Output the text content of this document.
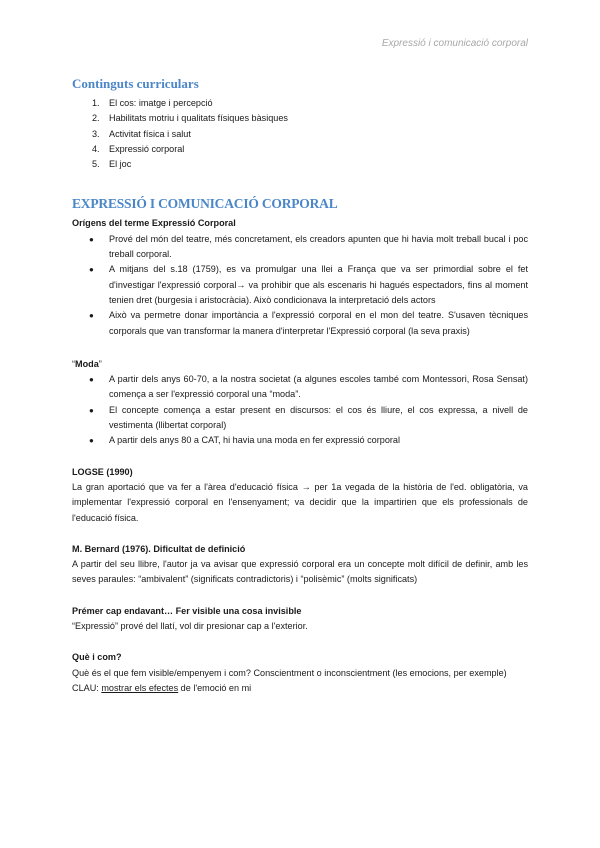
Expressió i comunicació corporal
Continguts curriculars
1.	El cos: imatge i percepció
2.	Habilitats motriu i qualitats físiques bàsiques
3.	Activitat física i salut
4.	Expressió corporal
5.	El joc
EXPRESSIÓ I COMUNICACIÓ CORPORAL

Orígens del terme Expressió Corporal

●	Prové del món del teatre, més concretament, els creadors apunten que hi havia molt treball bucal i poc treball corporal.
●	A mitjans del s.18 (1759), es va promulgar una llei a França que va ser primordial sobre el fet d'investigar l'expressió corporal→ va prohibir que als escenaris hi hagués espectadors, fins al moment tenien dret (burgesia i aristocràcia). Això condicionava la interpretació dels actors
●	Això va permetre donar importància a l'expressió corporal en el mon del teatre. S'usaven tècniques corporals que van transformar la manera d'interpretar l'Expressió corporal (la seva praxis)

“Moda”

●	A partir dels anys 60-70, a la nostra societat (a algunes escoles també com Montessori, Rosa Sensat) comença a ser l'expressió corporal una “moda”.
●	El concepte comença a estar present en discursos: el cos és lliure, el cos expressa, a nivell de vestimenta (llibertat corporal)
●	A partir dels anys 80 a CAT, hi havia una moda en fer expressió corporal

LOGSE (1990)

La gran aportació que va fer a l'àrea d'educació física → per 1a vegada de la història de l'ed. obligatòria, va implementar l'expressió corporal en l'ensenyament; va decidir que la impartirien que els professionals de l'educació física.

M. Bernard (1976). Dificultat de definició

A partir del seu llibre, l'autor ja va avisar que expressió corporal era un concepte molt difícil de definir, amb les seves paraules: “ambivalent” (significats contradictoris) i “polisèmic” (molts significats)

Prémer cap endavant… Fer visible una cosa invisible

“Expressió” prové del llatí, vol dir presionar cap a l'exterior.

Què i com?

Què és el que fem visible/empenyem i com? Conscientment o inconscientment (les emocions, per exemple)

CLAU: mostrar els efectes de l'emoció en mi
